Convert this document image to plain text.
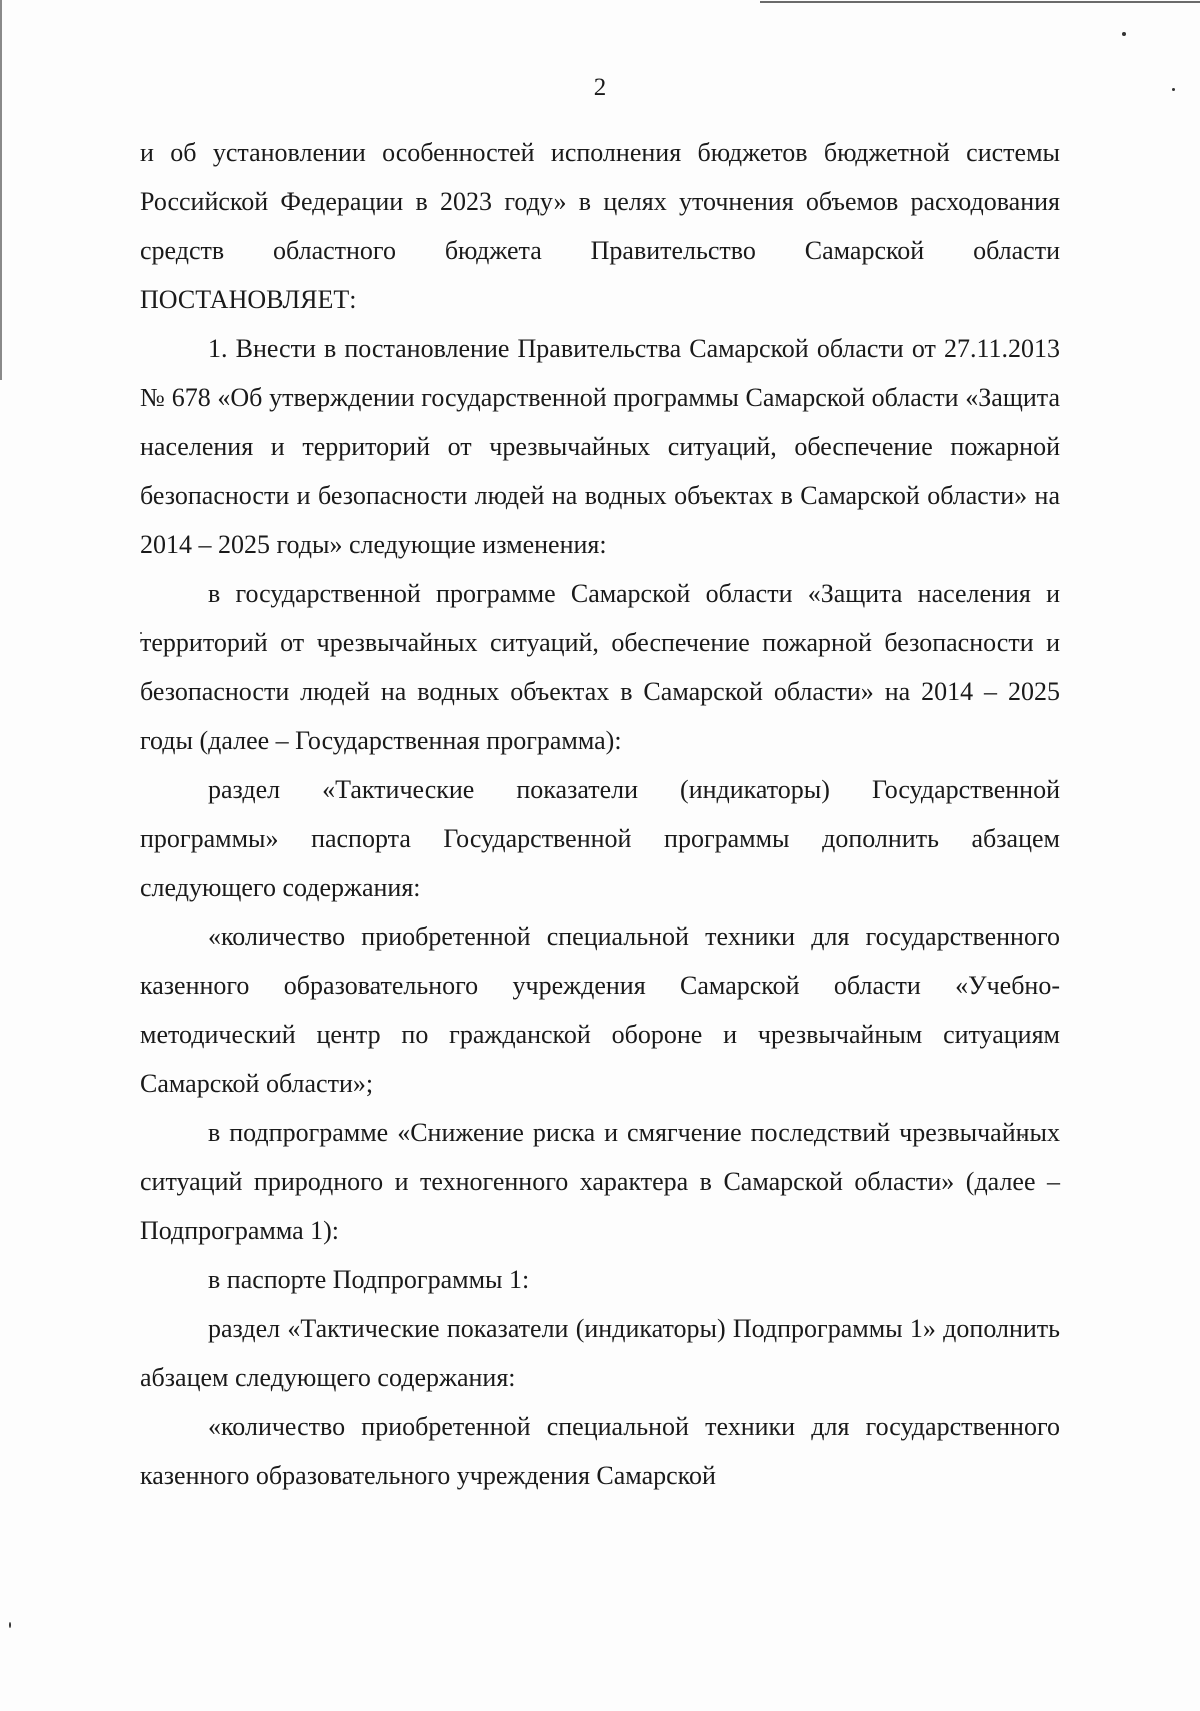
2

и об установлении особенностей исполнения бюджетов бюджетной системы Российской Федерации в 2023 году» в целях уточнения объемов расходования средств областного бюджета Правительство Самарской области ПОСТАНОВЛЯЕТ:

1. Внести в постановление Правительства Самарской области от 27.11.2013 № 678 «Об утверждении государственной программы Самарской области «Защита населения и территорий от чрезвычайных ситуаций, обеспечение пожарной безопасности и безопасности людей на водных объектах в Самарской области» на 2014 – 2025 годы» следующие изменения:

в государственной программе Самарской области «Защита населения и территорий от чрезвычайных ситуаций, обеспечение пожарной безопасности и безопасности людей на водных объектах в Самарской области» на 2014 – 2025 годы (далее – Государственная программа):

раздел «Тактические показатели (индикаторы) Государственной программы» паспорта Государственной программы дополнить абзацем следующего содержания:

«количество приобретенной специальной техники для государственного казенного образовательного учреждения Самарской области «Учебно-методический центр по гражданской обороне и чрезвычайным ситуациям Самарской области»;

в подпрограмме «Снижение риска и смягчение последствий чрезвычайных ситуаций природного и техногенного характера в Самарской области» (далее – Подпрограмма 1):

в паспорте Подпрограммы 1:

раздел «Тактические показатели (индикаторы) Подпрограммы 1» дополнить абзацем следующего содержания:

«количество приобретенной специальной техники для государственного казенного образовательного учреждения Самарской
